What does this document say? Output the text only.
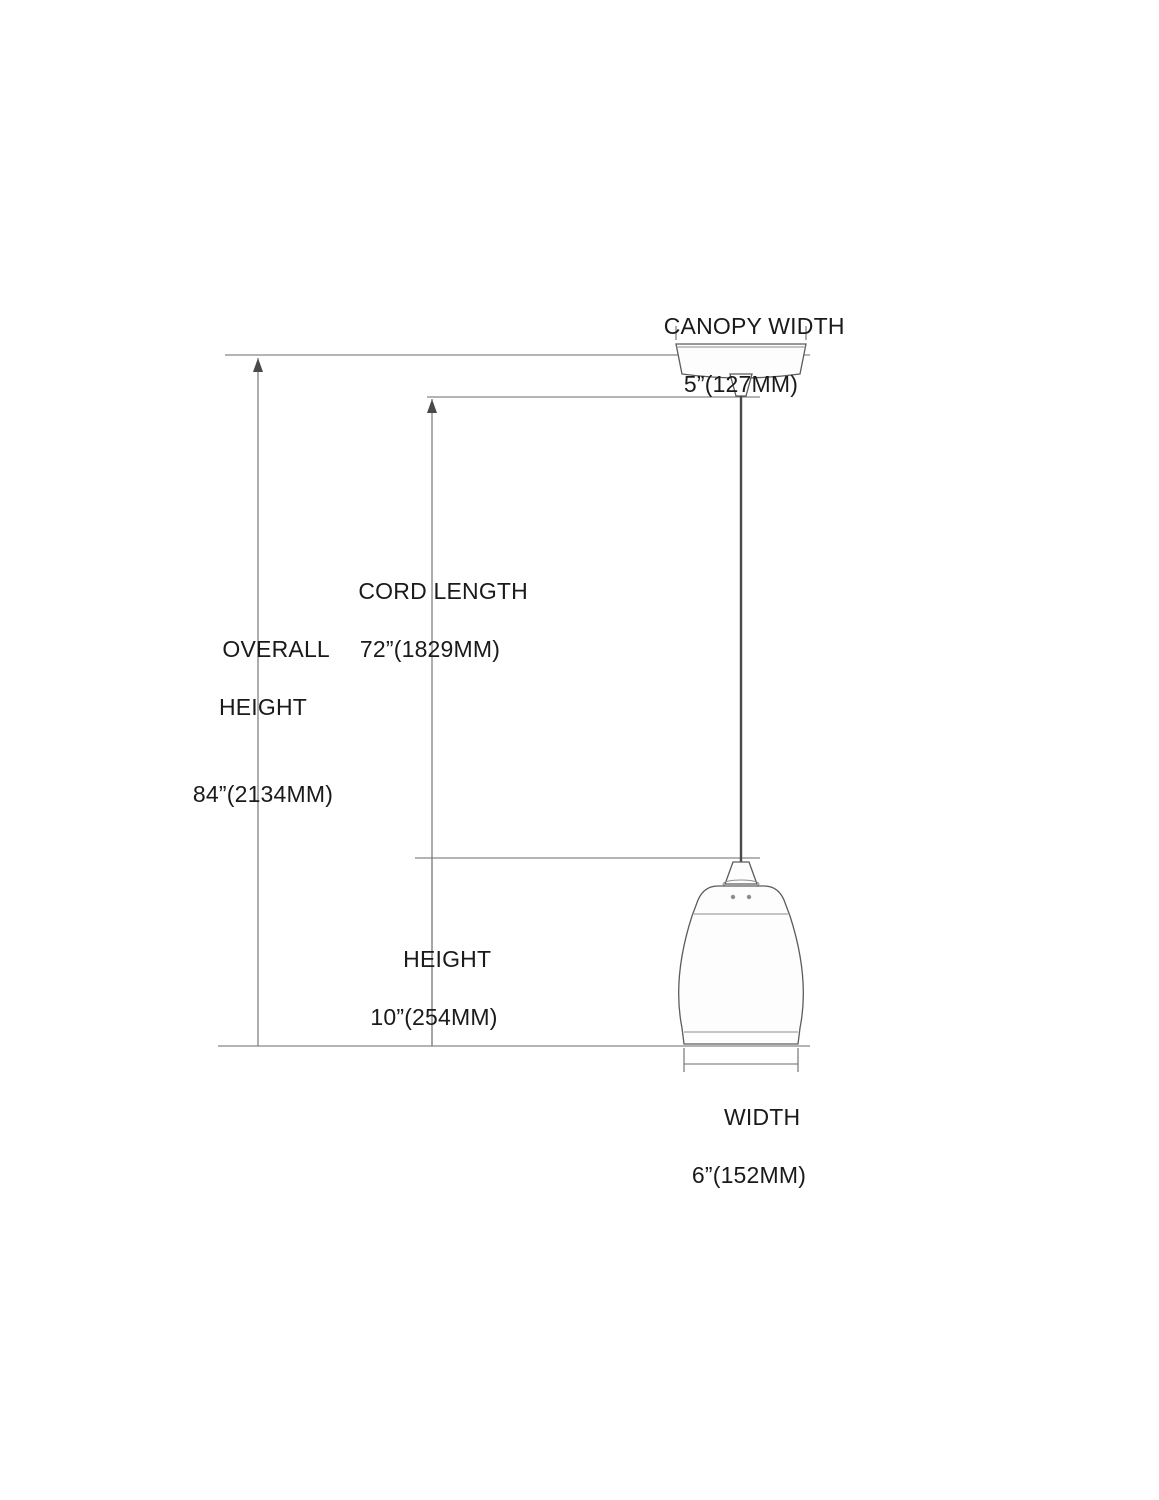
CANOPY WIDTH

5”(127MM)

CORD LENGTH

72”(1829MM)

OVERALL

HEIGHT

84”(2134MM)

HEIGHT

10”(254MM)

WIDTH

6”(152MM)
